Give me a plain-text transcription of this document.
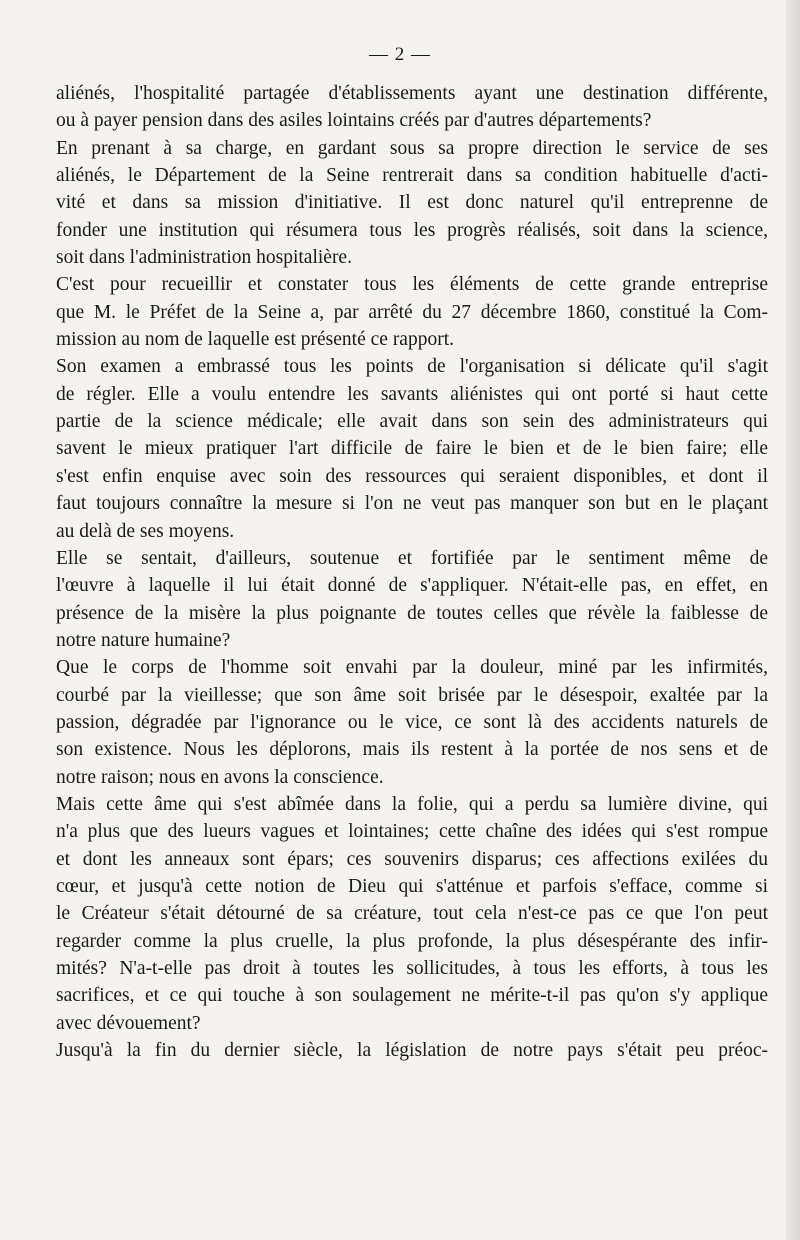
— 2 —
aliénés, l'hospitalité partagée d'établissements ayant une destination différente,
ou à payer pension dans des asiles lointains créés par d'autres départements?
En prenant à sa charge, en gardant sous sa propre direction le service de ses
aliénés, le Département de la Seine rentrerait dans sa condition habituelle d'acti-
vité et dans sa mission d'initiative. Il est donc naturel qu'il entreprenne de
fonder une institution qui résumera tous les progrès réalisés, soit dans la science,
soit dans l'administration hospitalière.
C'est pour recueillir et constater tous les éléments de cette grande entreprise
que M. le Préfet de la Seine a, par arrêté du 27 décembre 1860, constitué la Com-
mission au nom de laquelle est présenté ce rapport.
Son examen a embrassé tous les points de l'organisation si délicate qu'il s'agit
de régler. Elle a voulu entendre les savants aliénistes qui ont porté si haut cette
partie de la science médicale; elle avait dans son sein des administrateurs qui
savent le mieux pratiquer l'art difficile de faire le bien et de le bien faire; elle
s'est enfin enquise avec soin des ressources qui seraient disponibles, et dont il
faut toujours connaître la mesure si l'on ne veut pas manquer son but en le plaçant
au delà de ses moyens.
Elle se sentait, d'ailleurs, soutenue et fortifiée par le sentiment même de
l'œuvre à laquelle il lui était donné de s'appliquer. N'était-elle pas, en effet, en
présence de la misère la plus poignante de toutes celles que révèle la faiblesse de
notre nature humaine?
Que le corps de l'homme soit envahi par la douleur, miné par les infirmités,
courbé par la vieillesse; que son âme soit brisée par le désespoir, exaltée par la
passion, dégradée par l'ignorance ou le vice, ce sont là des accidents naturels de
son existence. Nous les déplorons, mais ils restent à la portée de nos sens et de
notre raison; nous en avons la conscience.
Mais cette âme qui s'est abîmée dans la folie, qui a perdu sa lumière divine, qui
n'a plus que des lueurs vagues et lointaines; cette chaîne des idées qui s'est rompue
et dont les anneaux sont épars; ces souvenirs disparus; ces affections exilées du
cœur, et jusqu'à cette notion de Dieu qui s'atténue et parfois s'efface, comme si
le Créateur s'était détourné de sa créature, tout cela n'est-ce pas ce que l'on peut
regarder comme la plus cruelle, la plus profonde, la plus désespérante des infir-
mités? N'a-t-elle pas droit à toutes les sollicitudes, à tous les efforts, à tous les
sacrifices, et ce qui touche à son soulagement ne mérite-t-il pas qu'on s'y applique
avec dévouement?
Jusqu'à la fin du dernier siècle, la législation de notre pays s'était peu préoc-
